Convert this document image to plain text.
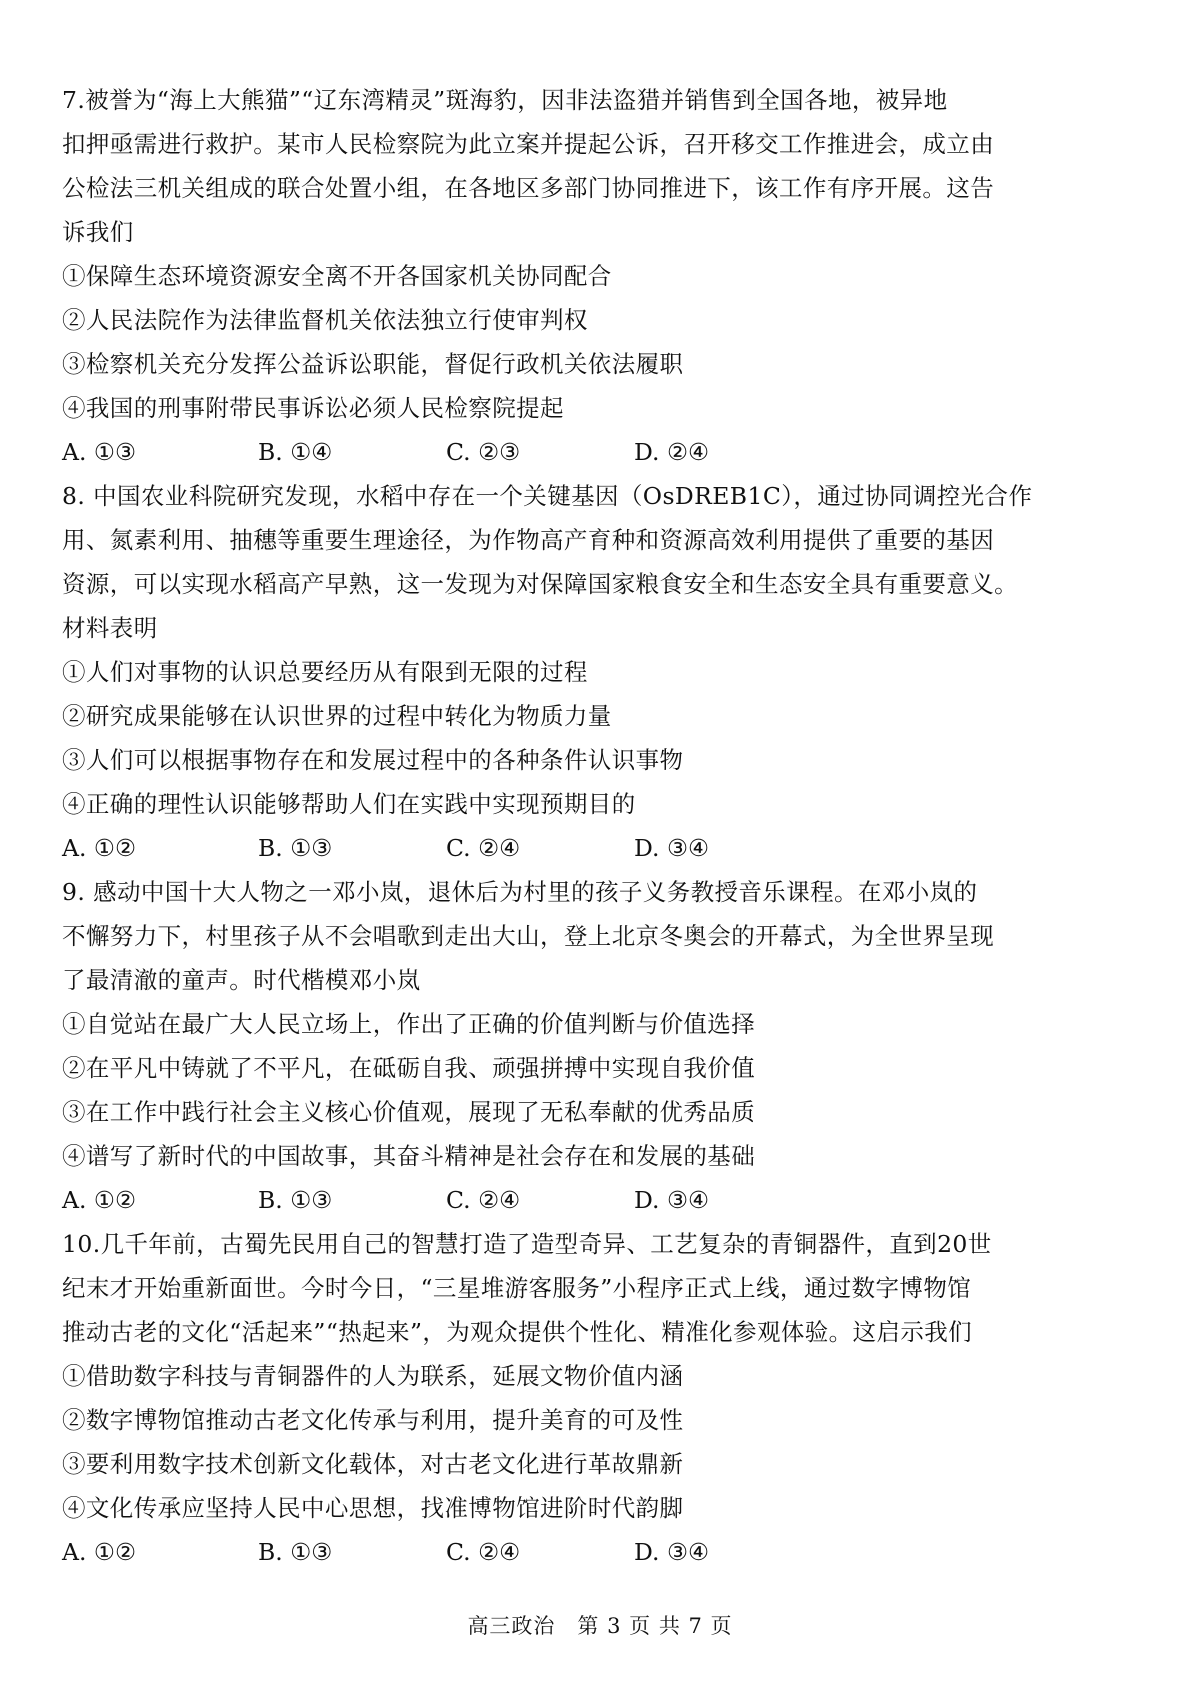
7.被誉为“海上大熊猫”“辽东湾精灵”斑海豹，因非法盗猎并销售到全国各地，被异地

扣押亟需进行救护。某市人民检察院为此立案并提起公诉，召开移交工作推进会，成立由

公检法三机关组成的联合处置小组，在各地区多部门协同推进下，该工作有序开展。这告

诉我们

①保障生态环境资源安全离不开各国家机关协同配合

②人民法院作为法律监督机关依法独立行使审判权

③检察机关充分发挥公益诉讼职能，督促行政机关依法履职

④我国的刑事附带民事诉讼必须人民检察院提起

A. ①③	B. ①④	C. ②③	D. ②④

8. 中国农业科院研究发现，水稻中存在一个关键基因（OsDREB1C），通过协同调控光合作

用、氮素利用、抽穗等重要生理途径，为作物高产育种和资源高效利用提供了重要的基因

资源，可以实现水稻高产早熟，这一发现为对保障国家粮食安全和生态安全具有重要意义。

材料表明

①人们对事物的认识总要经历从有限到无限的过程

②研究成果能够在认识世界的过程中转化为物质力量

③人们可以根据事物存在和发展过程中的各种条件认识事物

④正确的理性认识能够帮助人们在实践中实现预期目的

A. ①②	B. ①③	C. ②④	D. ③④

9. 感动中国十大人物之一邓小岚，退休后为村里的孩子义务教授音乐课程。在邓小岚的

不懈努力下，村里孩子从不会唱歌到走出大山，登上北京冬奥会的开幕式，为全世界呈现

了最清澈的童声。时代楷模邓小岚

①自觉站在最广大人民立场上，作出了正确的价值判断与价值选择

②在平凡中铸就了不平凡，在砥砺自我、顽强拼搏中实现自我价值

③在工作中践行社会主义核心价值观，展现了无私奉献的优秀品质

④谱写了新时代的中国故事，其奋斗精神是社会存在和发展的基础

A. ①②	B. ①③	C. ②④	D. ③④

10.几千年前，古蜀先民用自己的智慧打造了造型奇异、工艺复杂的青铜器件，直到20世

纪末才开始重新面世。今时今日，“三星堆游客服务”小程序正式上线，通过数字博物馆

推动古老的文化“活起来”“热起来”，为观众提供个性化、精准化参观体验。这启示我们

①借助数字科技与青铜器件的人为联系，延展文物价值内涵

②数字博物馆推动古老文化传承与利用，提升美育的可及性

③要利用数字技术创新文化载体，对古老文化进行革故鼎新

④文化传承应坚持人民中心思想，找准博物馆进阶时代韵脚

A. ①②	B. ①③	C. ②④	D. ③④
高三政治　第 3 页 共 7 页
